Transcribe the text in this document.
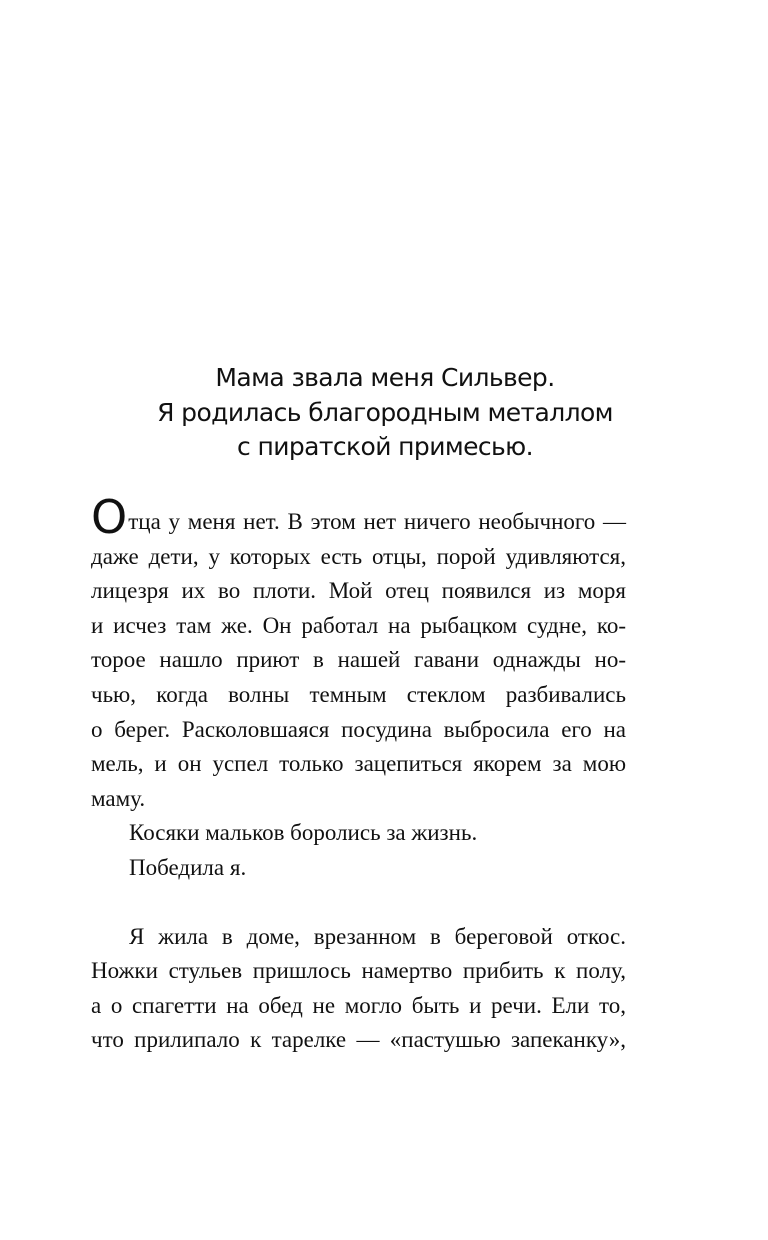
Мама звала меня Сильвер.
Я родилась благородным металлом
с пиратской примесью.
Отца у меня нет. В этом нет ничего необычного —
даже дети, у которых есть отцы, порой удивляются,
лицезря их во плоти. Мой отец появился из моря
и исчез там же. Он работал на рыбацком судне, ко-
торое нашло приют в нашей гавани однажды но-
чью, когда волны темным стеклом разбивались
о берег. Расколовшаяся посудина выбросила его на
мель, и он успел только зацепиться якорем за мою
маму.
Косяки мальков боролись за жизнь.
Победила я.
Я жила в доме, врезанном в береговой откос.
Ножки стульев пришлось намертво прибить к полу,
а о спагетти на обед не могло быть и речи. Ели то,
что прилипало к тарелке — «пастушью запеканку»,
